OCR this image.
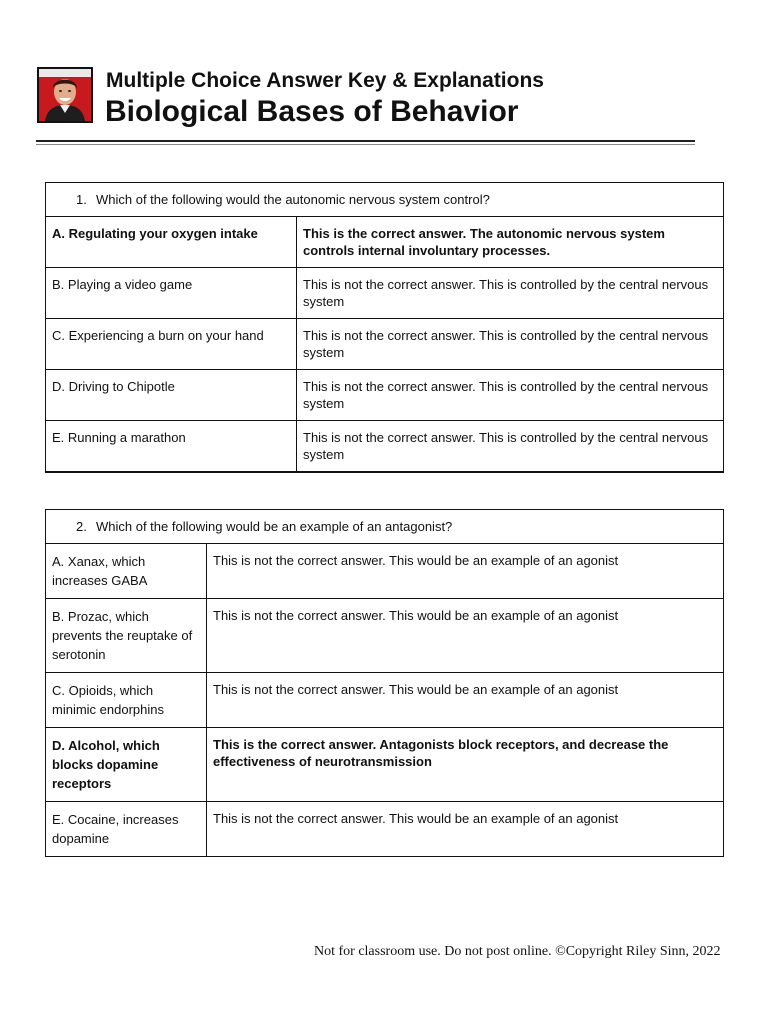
Multiple Choice Answer Key & Explanations
Biological Bases of Behavior
1. Which of the following would the autonomic nervous system control?	
A. Regulating your oxygen intake	This is the correct answer. The autonomic nervous system controls internal involuntary processes.
B. Playing a video game	This is not the correct answer. This is controlled by the central nervous system
C. Experiencing a burn on your hand	This is not the correct answer. This is controlled by the central nervous system
D. Driving to Chipotle	This is not the correct answer. This is controlled by the central nervous system
E. Running a marathon	This is not the correct answer. This is controlled by the central nervous system
2. Which of the following would be an example of an antagonist?	
A. Xanax, which increases GABA	This is not the correct answer. This would be an example of an agonist
B. Prozac, which prevents the reuptake of serotonin	This is not the correct answer. This would be an example of an agonist
C. Opioids, which minimic endorphins	This is not the correct answer. This would be an example of an agonist
D. Alcohol, which blocks dopamine receptors	This is the correct answer. Antagonists block receptors, and decrease the effectiveness of neurotransmission
E. Cocaine, increases dopamine	This is not the correct answer. This would be an example of an agonist
Not for classroom use. Do not post online. ©Copyright Riley Sinn, 2022
